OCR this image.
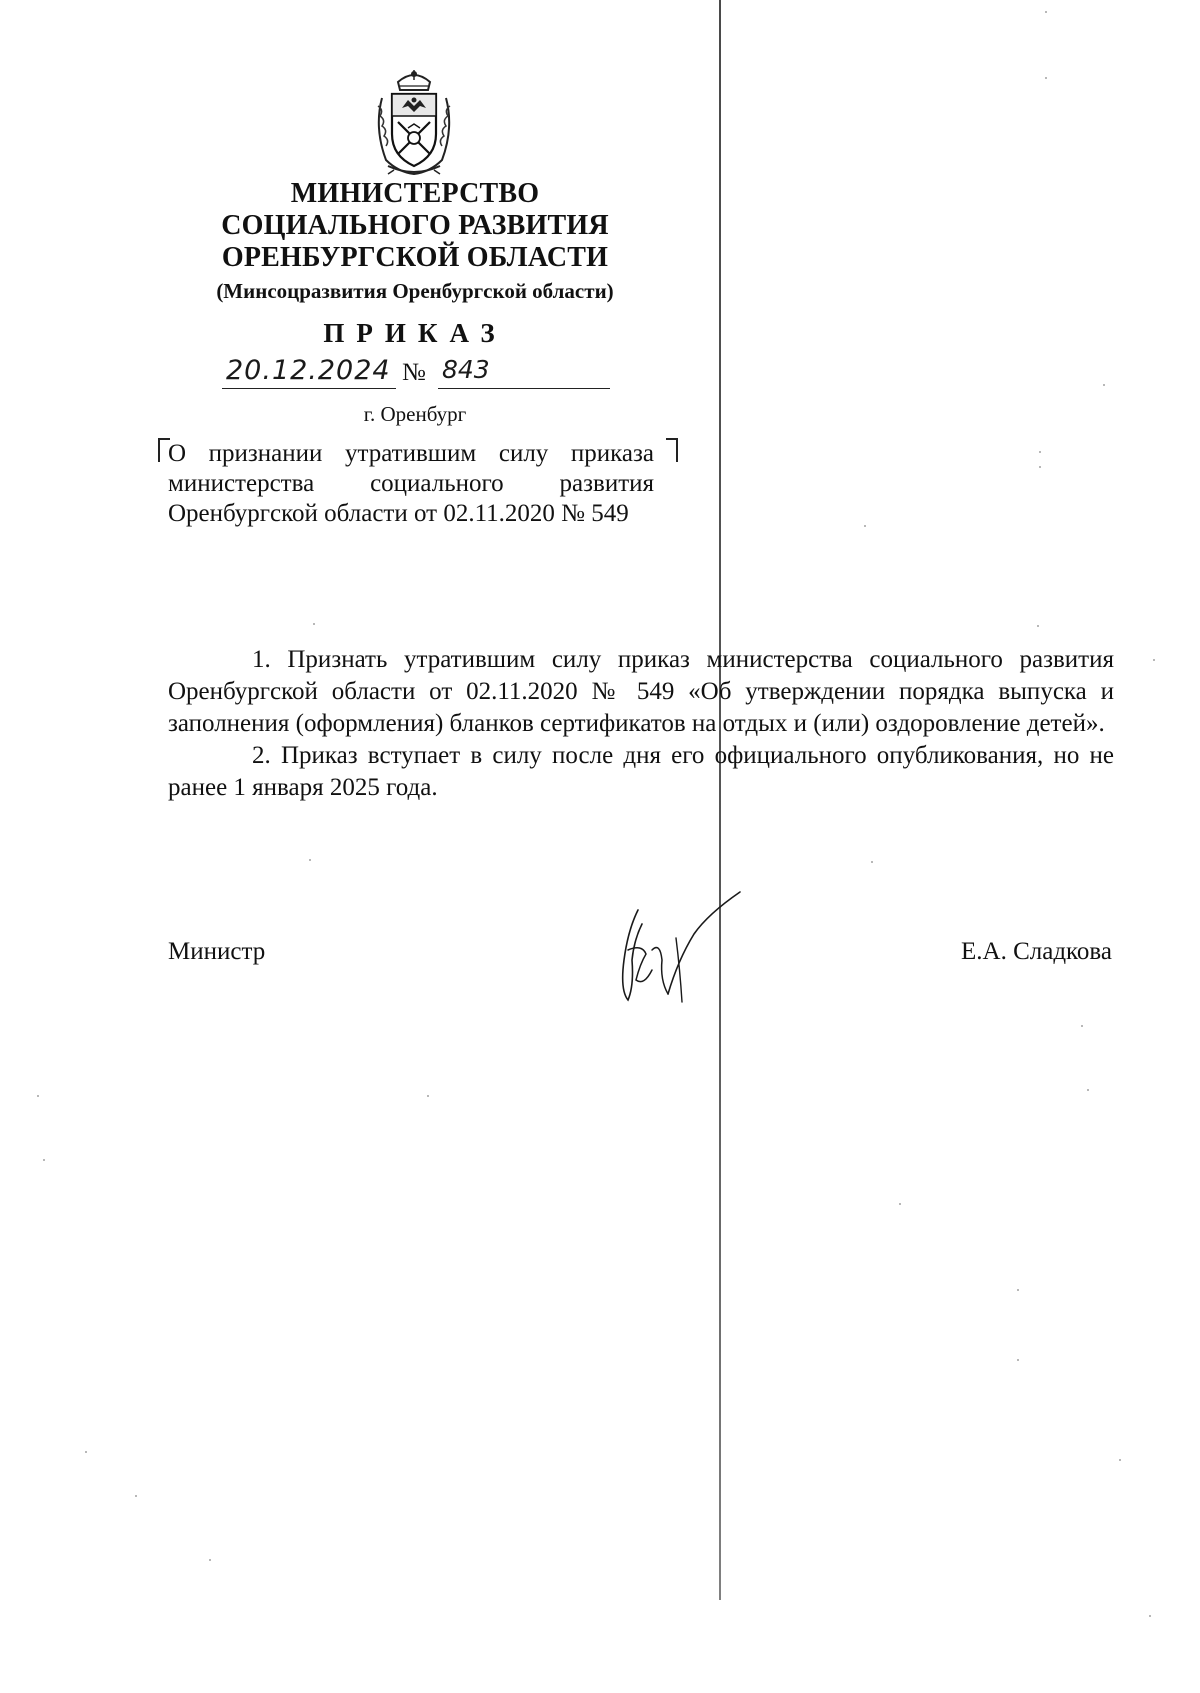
МИНИСТЕРСТВО
СОЦИАЛЬНОГО РАЗВИТИЯ
ОРЕНБУРГСКОЙ ОБЛАСТИ
(Минсоцразвития Оренбургской области)
ПРИКАЗ
20.12.2024 № 843
г. Оренбург
О признании утратившим силу приказа министерства социального развития Оренбургской области от 02.11.2020 № 549

1. Признать утратившим силу приказ министерства социального развития Оренбургской области от 02.11.2020 № 549 «Об утверждении порядка выпуска и заполнения (оформления) бланков сертификатов на отдых и (или) оздоровление детей».

2. Приказ вступает в силу после дня его официального опубликования, но не ранее 1 января 2025 года.

Министр	Е.А. Сладкова
